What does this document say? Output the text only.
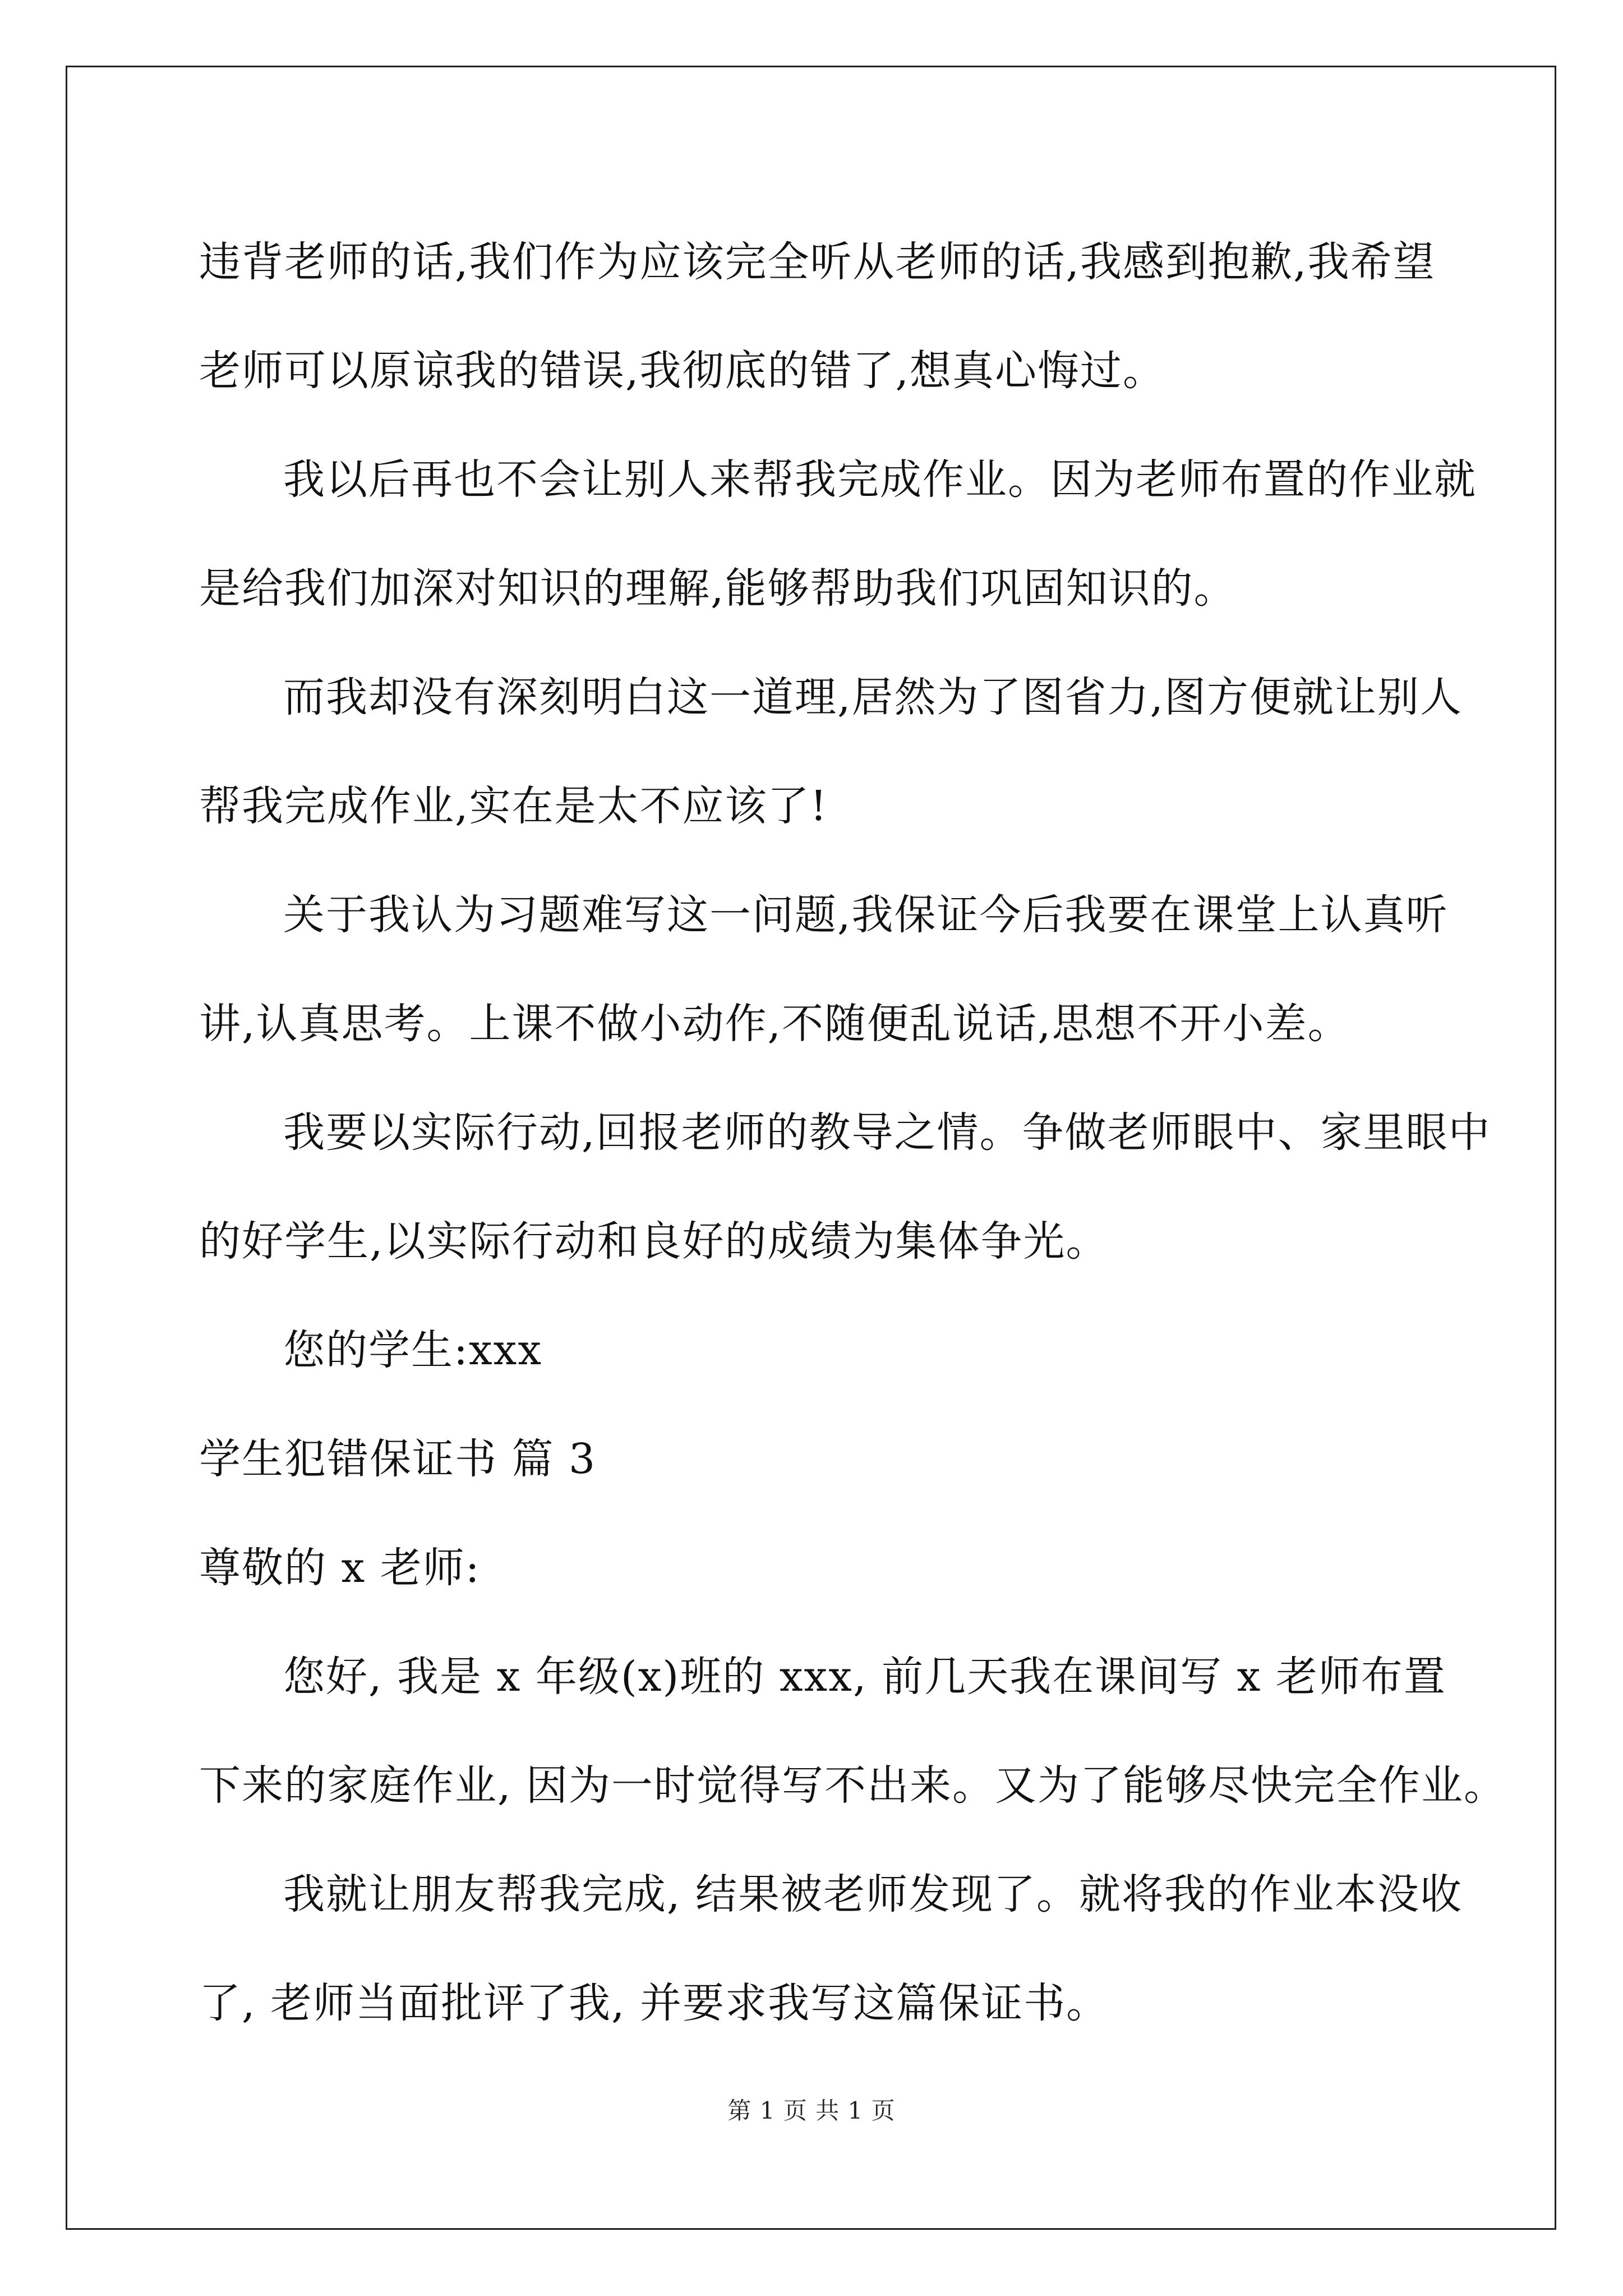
违背老师的话,我们作为应该完全听从老师的话,我感到抱歉,我希望
老师可以原谅我的错误,我彻底的错了,想真心悔过。
我以后再也不会让别人来帮我完成作业。因为老师布置的作业就
是给我们加深对知识的理解,能够帮助我们巩固知识的。
而我却没有深刻明白这一道理,居然为了图省力,图方便就让别人
帮我完成作业,实在是太不应该了!
关于我认为习题难写这一问题,我保证今后我要在课堂上认真听
讲,认真思考。上课不做小动作,不随便乱说话,思想不开小差。
我要以实际行动,回报老师的教导之情。争做老师眼中、家里眼中
的好学生,以实际行动和良好的成绩为集体争光。
您的学生:xxx
学生犯错保证书 篇 3
尊敬的 x 老师:
您好, 我是 x 年级(x)班的 xxx, 前几天我在课间写 x 老师布置
下来的家庭作业, 因为一时觉得写不出来。又为了能够尽快完全作业。
我就让朋友帮我完成, 结果被老师发现了。就将我的作业本没收
了, 老师当面批评了我, 并要求我写这篇保证书。
第 1 页 共 1 页
